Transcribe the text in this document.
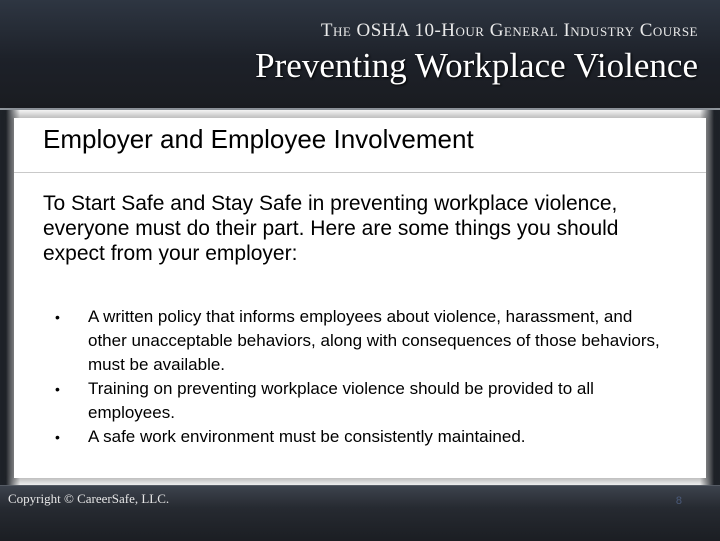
The OSHA 10-Hour General Industry Course
Preventing Workplace Violence
Employer and Employee Involvement
To Start Safe and Stay Safe in preventing workplace violence, everyone must do their part. Here are some things you should expect from your employer:
• A written policy that informs employees about violence, harassment, and other unacceptable behaviors, along with consequences of those behaviors, must be available.
• Training on preventing workplace violence should be provided to all employees.
• A safe work environment must be consistently maintained.
Copyright © CareerSafe, LLC.	8
